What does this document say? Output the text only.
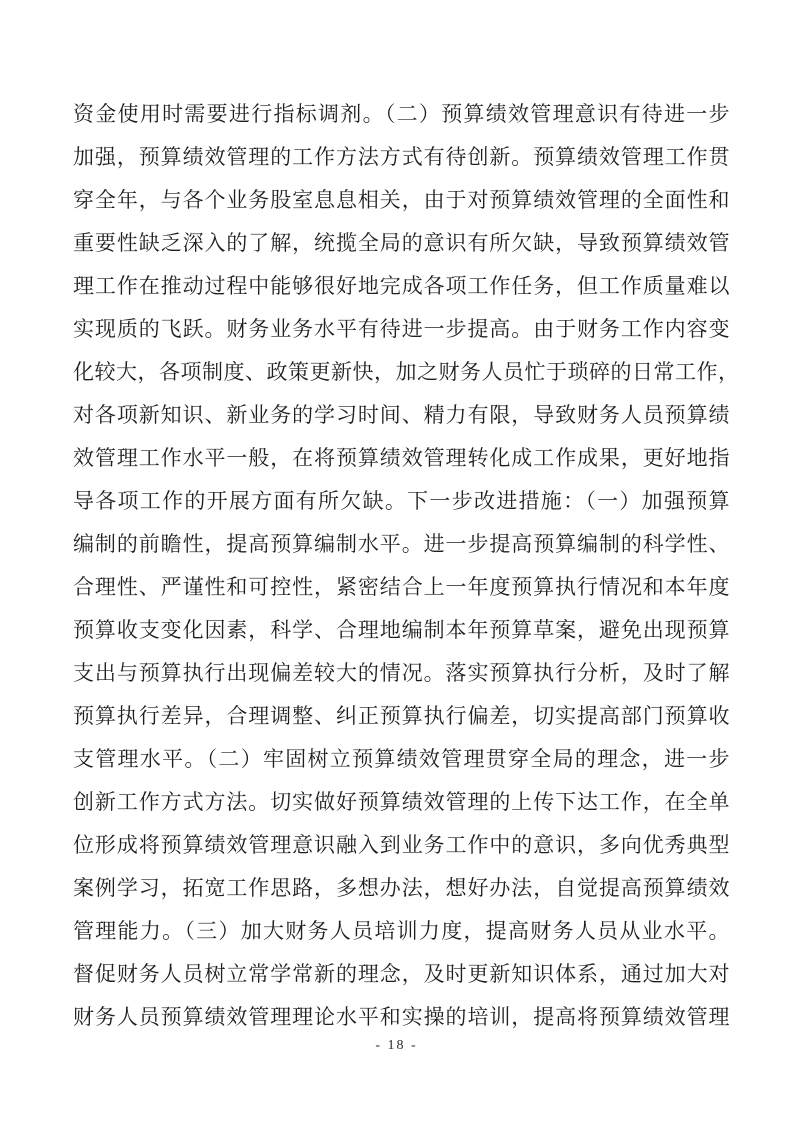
资金使用时需要进行指标调剂。（二）预算绩效管理意识有待进一步
加强，预算绩效管理的工作方法方式有待创新。预算绩效管理工作贯
穿全年，与各个业务股室息息相关，由于对预算绩效管理的全面性和
重要性缺乏深入的了解，统揽全局的意识有所欠缺，导致预算绩效管
理工作在推动过程中能够很好地完成各项工作任务，但工作质量难以
实现质的飞跃。财务业务水平有待进一步提高。由于财务工作内容变
化较大，各项制度、政策更新快，加之财务人员忙于琐碎的日常工作，
对各项新知识、新业务的学习时间、精力有限，导致财务人员预算绩
效管理工作水平一般，在将预算绩效管理转化成工作成果，更好地指
导各项工作的开展方面有所欠缺。下一步改进措施：（一）加强预算
编制的前瞻性，提高预算编制水平。进一步提高预算编制的科学性、
合理性、严谨性和可控性，紧密结合上一年度预算执行情况和本年度
预算收支变化因素，科学、合理地编制本年预算草案，避免出现预算
支出与预算执行出现偏差较大的情况。落实预算执行分析，及时了解
预算执行差异，合理调整、纠正预算执行偏差，切实提高部门预算收
支管理水平。（二）牢固树立预算绩效管理贯穿全局的理念，进一步
创新工作方式方法。切实做好预算绩效管理的上传下达工作，在全单
位形成将预算绩效管理意识融入到业务工作中的意识，多向优秀典型
案例学习，拓宽工作思路，多想办法，想好办法，自觉提高预算绩效
管理能力。（三）加大财务人员培训力度，提高财务人员从业水平。
督促财务人员树立常学常新的理念，及时更新知识体系，通过加大对
财务人员预算绩效管理理论水平和实操的培训，提高将预算绩效管理
- 18 -
